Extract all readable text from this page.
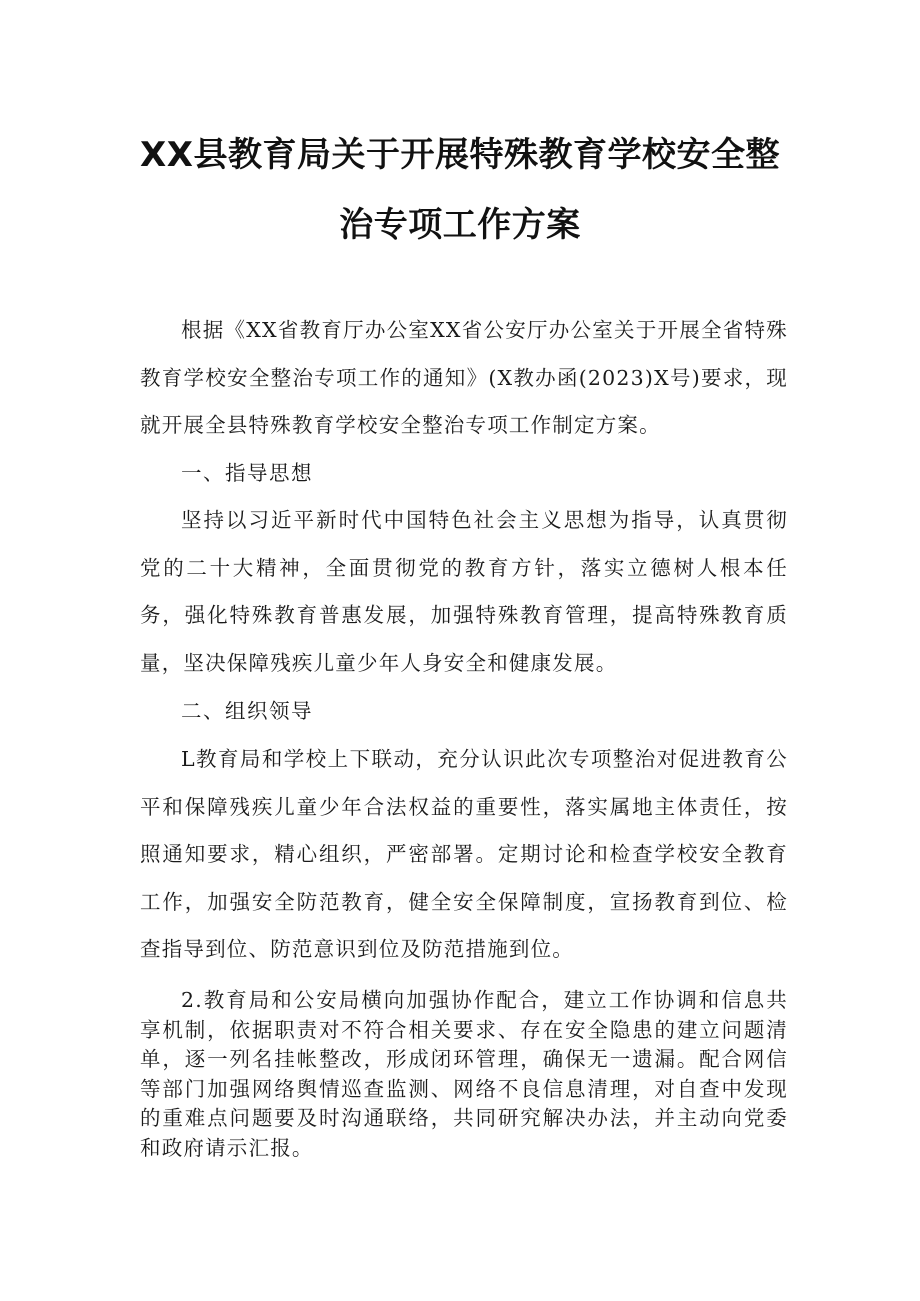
XX县教育局关于开展特殊教育学校安全整
治专项工作方案

根据《XX省教育厅办公室XX省公安厅办公室关于开展全省特殊教育学校安全整治专项工作的通知》(X教办函(2023)X号)要求，现就开展全县特殊教育学校安全整治专项工作制定方案。

一、指导思想

坚持以习近平新时代中国特色社会主义思想为指导，认真贯彻党的二十大精神，全面贯彻党的教育方针，落实立德树人根本任务，强化特殊教育普惠发展，加强特殊教育管理，提高特殊教育质量，坚决保障残疾儿童少年人身安全和健康发展。

二、组织领导

L教育局和学校上下联动，充分认识此次专项整治对促进教育公平和保障残疾儿童少年合法权益的重要性，落实属地主体责任，按照通知要求，精心组织，严密部署。定期讨论和检查学校安全教育工作，加强安全防范教育，健全安全保障制度，宣扬教育到位、检查指导到位、防范意识到位及防范措施到位。

2.教育局和公安局横向加强协作配合，建立工作协调和信息共享机制，依据职责对不符合相关要求、存在安全隐患的建立问题清单，逐一列名挂帐整改，形成闭环管理，确保无一遗漏。配合网信等部门加强网络舆情巡查监测、网络不良信息清理，对自查中发现的重难点问题要及时沟通联络，共同研究解决办法，并主动向党委和政府请示汇报。
